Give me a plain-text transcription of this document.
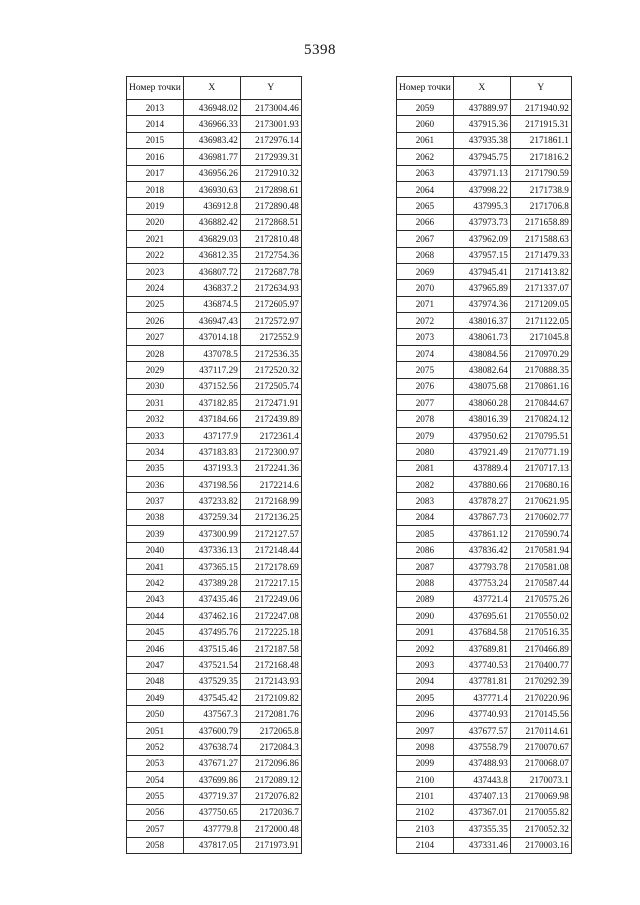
5398
Номер точки	X	Y
2013	436948.02	2173004.46
2014	436966.33	2173001.93
2015	436983.42	2172976.14
2016	436981.77	2172939.31
2017	436956.26	2172910.32
2018	436930.63	2172898.61
2019	436912.8	2172890.48
2020	436882.42	2172868.51
2021	436829.03	2172810.48
2022	436812.35	2172754.36
2023	436807.72	2172687.78
2024	436837.2	2172634.93
2025	436874.5	2172605.97
2026	436947.43	2172572.97
2027	437014.18	2172552.9
2028	437078.5	2172536.35
2029	437117.29	2172520.32
2030	437152.56	2172505.74
2031	437182.85	2172471.91
2032	437184.66	2172439.89
2033	437177.9	2172361.4
2034	437183.83	2172300.97
2035	437193.3	2172241.36
2036	437198.56	2172214.6
2037	437233.82	2172168.99
2038	437259.34	2172136.25
2039	437300.99	2172127.57
2040	437336.13	2172148.44
2041	437365.15	2172178.69
2042	437389.28	2172217.15
2043	437435.46	2172249.06
2044	437462.16	2172247.08
2045	437495.76	2172225.18
2046	437515.46	2172187.58
2047	437521.54	2172168.48
2048	437529.35	2172143.93
2049	437545.42	2172109.82
2050	437567.3	2172081.76
2051	437600.79	2172065.8
2052	437638.74	2172084.3
2053	437671.27	2172096.86
2054	437699.86	2172089.12
2055	437719.37	2172076.82
2056	437750.65	2172036.7
2057	437779.8	2172000.48
2058	437817.05	2171973.91
Номер точки	X	Y
2059	437889.97	2171940.92
2060	437915.36	2171915.31
2061	437935.38	2171861.1
2062	437945.75	2171816.2
2063	437971.13	2171790.59
2064	437998.22	2171738.9
2065	437995.3	2171706.8
2066	437973.73	2171658.89
2067	437962.09	2171588.63
2068	437957.15	2171479.33
2069	437945.41	2171413.82
2070	437965.89	2171337.07
2071	437974.36	2171209.05
2072	438016.37	2171122.05
2073	438061.73	2171045.8
2074	438084.56	2170970.29
2075	438082.64	2170888.35
2076	438075.68	2170861.16
2077	438060.28	2170844.67
2078	438016.39	2170824.12
2079	437950.62	2170795.51
2080	437921.49	2170771.19
2081	437889.4	2170717.13
2082	437880.66	2170680.16
2083	437878.27	2170621.95
2084	437867.73	2170602.77
2085	437861.12	2170590.74
2086	437836.42	2170581.94
2087	437793.78	2170581.08
2088	437753.24	2170587.44
2089	437721.4	2170575.26
2090	437695.61	2170550.02
2091	437684.58	2170516.35
2092	437689.81	2170466.89
2093	437740.53	2170400.77
2094	437781.81	2170292.39
2095	437771.4	2170220.96
2096	437740.93	2170145.56
2097	437677.57	2170114.61
2098	437558.79	2170070.67
2099	437488.93	2170068.07
2100	437443.8	2170073.1
2101	437407.13	2170069.98
2102	437367.01	2170055.82
2103	437355.35	2170052.32
2104	437331.46	2170003.16
